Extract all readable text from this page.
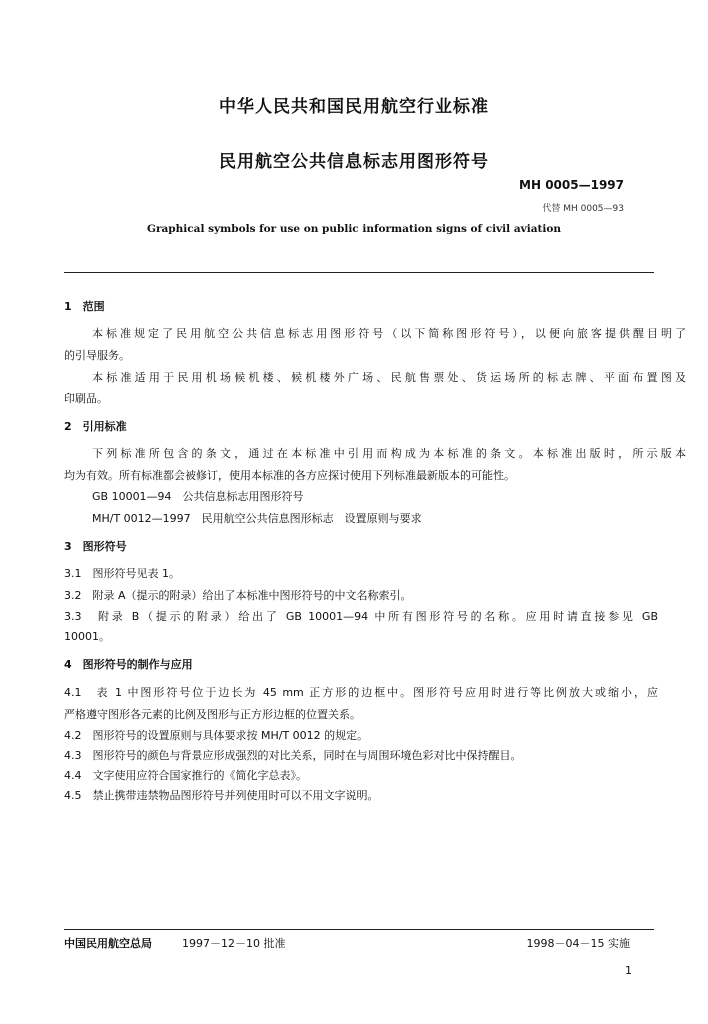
中华人民共和国民用航空行业标准
民用航空公共信息标志用图形符号
MH 0005—1997
代替 MH 0005—93
Graphical symbols for use on public information signs of civil aviation
1　范围
本标准规定了民用航空公共信息标志用图形符号（以下简称图形符号），以便向旅客提供醒目明了
的引导服务。
本标准适用于民用机场候机楼、候机楼外广场、民航售票处、货运场所的标志牌、平面布置图及
印刷品。
2　引用标准
下列标准所包含的条文，通过在本标准中引用而构成为本标准的条文。本标准出版时，所示版本
均为有效。所有标准都会被修订，使用本标准的各方应探讨使用下列标准最新版本的可能性。
GB 10001—94　公共信息标志用图形符号
MH/T 0012—1997　民用航空公共信息图形标志　设置原则与要求
3　图形符号
3.1　图形符号见表 1。
3.2　附录 A（提示的附录）给出了本标准中图形符号的中文名称索引。
3.3　附录 B（提示的附录）给出了 GB 10001—94 中所有图形符号的名称。应用时请直接参见 GB
10001。
4　图形符号的制作与应用
4.1　表 1 中图形符号位于边长为 45 mm 正方形的边框中。图形符号应用时进行等比例放大或缩小，应
严格遵守图形各元素的比例及图形与正方形边框的位置关系。
4.2　图形符号的设置原则与具体要求按 MH/T 0012 的规定。
4.3　图形符号的颜色与背景应形成强烈的对比关系，同时在与周围环境色彩对比中保持醒目。
4.4　文字使用应符合国家推行的《简化字总表》。
4.5　禁止携带违禁物品图形符号并列使用时可以不用文字说明。
中国民用航空总局	1997－12－10 批准	1998－04－15 实施
1
